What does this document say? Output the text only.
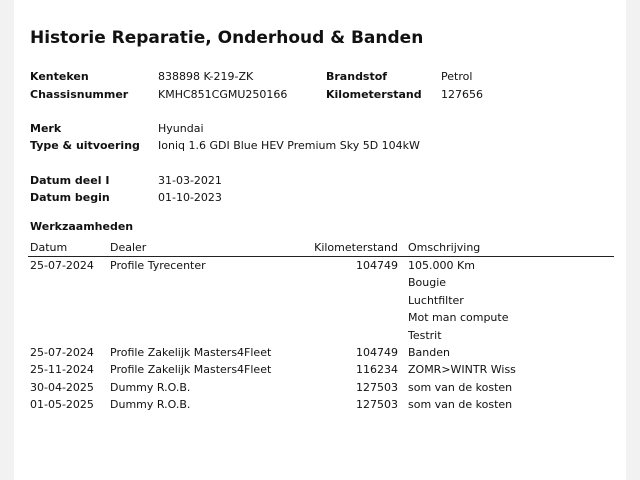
Historie Reparatie, Onderhoud & Banden
Kenteken	838898 K-219-ZK	Brandstof	Petrol
Chassisnummer	KMHC851CGMU250166	Kilometerstand 127656
Merk	Hyundai
Type & uitvoering Ioniq 1.6 GDI Blue HEV Premium Sky 5D 104kW
Datum deel I	31-03-2021
Datum begin	01-10-2023
Werkzaamheden
Datum	Dealer	Kilometerstand Omschrijving
25-07-2024 Profile Tyrecenter	104749 105.000 Km
Bougie
Luchtfilter
Mot man compute
Testrit
25-07-2024 Profile Zakelijk Masters4Fleet	104749 Banden
25-11-2024 Profile Zakelijk Masters4Fleet	116234 ZOMR>WINTR Wiss
30-04-2025 Dummy R.O.B.	127503 som van de kosten
01-05-2025 Dummy R.O.B.	127503 som van de kosten
